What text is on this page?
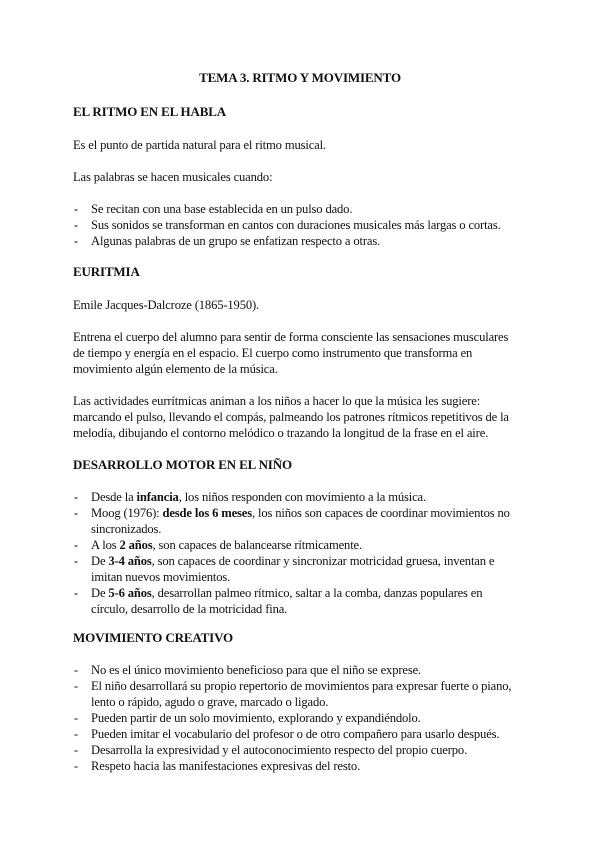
TEMA 3. RITMO Y MOVIMIENTO
EL RITMO EN EL HABLA
Es el punto de partida natural para el ritmo musical.
Las palabras se hacen musicales cuando:
- Se recitan con una base establecida en un pulso dado.
- Sus sonidos se transforman en cantos con duraciones musicales más largas o cortas.
- Algunas palabras de un grupo se enfatizan respecto a otras.
EURITMIA
Emile Jacques-Dalcroze (1865-1950).
Entrena el cuerpo del alumno para sentir de forma consciente las sensaciones musculares
de tiempo y energía en el espacio. El cuerpo como instrumento que transforma en
movimiento algún elemento de la música.
Las actividades eurrítmicas animan a los niños a hacer lo que la música les sugiere:
marcando el pulso, llevando el compás, palmeando los patrones rítmicos repetitivos de la
melodía, dibujando el contorno melódico o trazando la longitud de la frase en el aire.
DESARROLLO MOTOR EN EL NIÑO
- Desde la infancia, los niños responden con movimiento a la música.
- Moog (1976): desde los 6 meses, los niños son capaces de coordinar movimientos no
sincronizados.
- A los 2 años, son capaces de balancearse rítmicamente.
- De 3-4 años, son capaces de coordinar y sincronizar motricidad gruesa, inventan e
imitan nuevos movimientos.
- De 5-6 años, desarrollan palmeo rítmico, saltar a la comba, danzas populares en
círculo, desarrollo de la motricidad fina.
MOVIMIENTO CREATIVO
- No es el único movimiento beneficioso para que el niño se exprese.
- El niño desarrollará su propio repertorio de movimientos para expresar fuerte o piano,
lento o rápido, agudo o grave, marcado o ligado.
- Pueden partir de un solo movimiento, explorando y expandiéndolo.
- Pueden imitar el vocabulario del profesor o de otro compañero para usarlo después.
- Desarrolla la expresividad y el autoconocimiento respecto del propio cuerpo.
- Respeto hacia las manifestaciones expresivas del resto.
